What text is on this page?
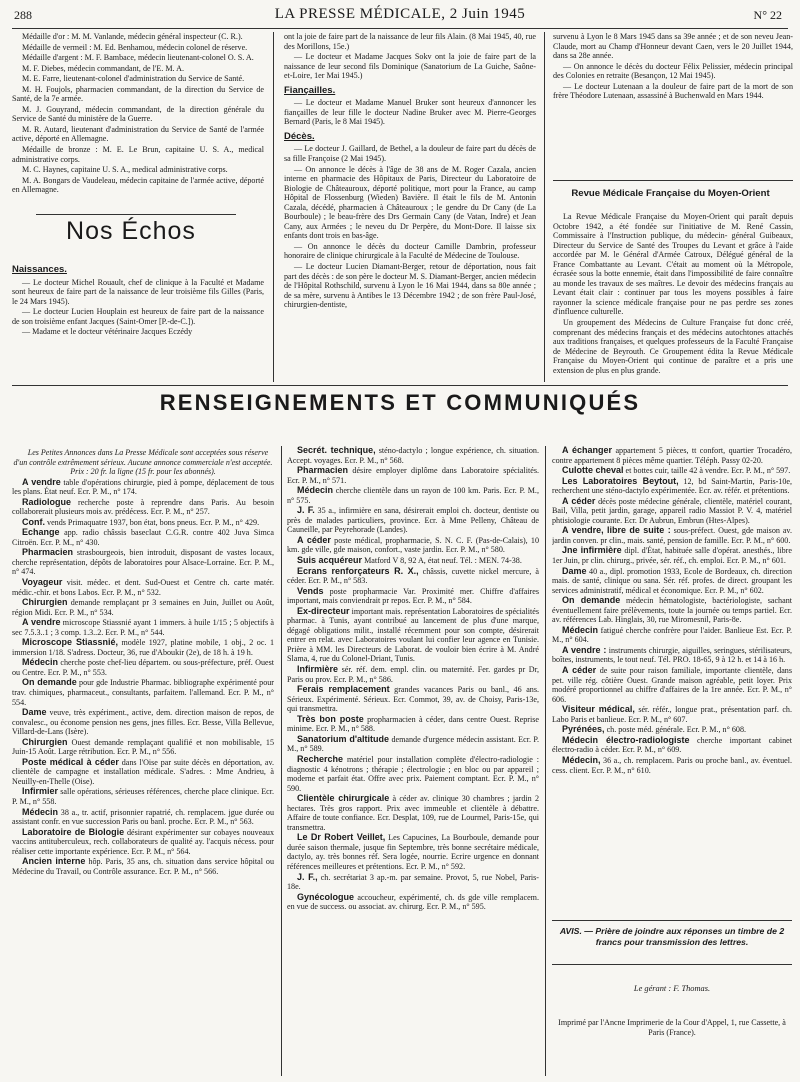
288	LA PRESSE MÉDICALE, 2 Juin 1945	N° 22

Médaille d'or : M. M. Vanlande, médecin général inspecteur (C. R.).

Médaille de vermeil : M. Ed. Benhamou, médecin colonel de réserve.

Médaille d'argent : M. F. Bambace, médecin lieutenant-colonel O. S. A.

M. F. Diebes, médecin commandant, de l'E. M. A.

M. E. Farre, lieutenant-colonel d'administration du Service de Santé.

M. H. Foujols, pharmacien commandant, de la direction du Service de Santé, de la 7e armée.

M. J. Gouyrand, médecin commandant, de la direction générale du Service de Santé du ministère de la Guerre.

M. R. Autard, lieutenant d'administration du Service de Santé de l'armée active, déporté en Allemagne.

Médaille de bronze : M. E. Le Brun, capitaine U. S. A., medical administrative corps.

M. C. Haynes, capitaine U. S. A., medical administrative corps.

M. A. Bongars de Vaudeleau, médecin capitaine de l'armée active, déporté en Allemagne.

Nos Échos
Naissances.

— Le docteur Michel Rouault, chef de clinique à la Faculté et Madame sont heureux de faire part de la naissance de leur troisième fils Gilles (Paris, le 24 Mars 1945).

— Le docteur Lucien Houplain est heureux de faire part de la naissance de son troisième enfant Jacques (Saint-Omer [P.-de-C.]).

— Madame et le docteur vétérinaire Jacques Eczédy

ont la joie de faire part de la naissance de leur fils Alain. (8 Mai 1945, 40, rue des Morillons, 15e.)

— Le docteur et Madame Jacques Sokv ont la joie de faire part de la naissance de leur second fils Dominique (Sanatorium de La Guiche, Saône-et-Loire, 1er Mai 1945.)

Fiançailles.

— Le docteur et Madame Manuel Bruker sont heureux d'annoncer les fiançailles de leur fille le docteur Nadine Bruker avec M. Pierre-Georges Bernard (Paris, le 8 Mai 1945).

Décès.

— Le docteur J. Gaillard, de Bethel, a la douleur de faire part du décès de sa fille Françoise (2 Mai 1945).

— On annonce le décès à l'âge de 38 ans de M. Roger Cazala, ancien interne en pharmacie des Hôpitaux de Paris, Directeur du Laboratoire de Biologie de Châteauroux, déporté politique, mort pour la France, au camp Hôpital de Flossenburg (Wieden) Bavière. Il était le fils de M. Antonin Cazala, décédé, pharmacien à Châteauroux ; le gendre du Dr Cany (de La Bourboule) ; le beau-frère des Drs Germain Cany (de Vatan, Indre) et Jean Cany, aux Armées ; le neveu du Dr Perpère, du Mont-Dore. Il laisse six enfants dont trois en bas-âge.

— On annonce le décès du docteur Camille Dambrin, professeur honoraire de clinique chirurgicale à la Faculté de Médecine de Toulouse.

— Le docteur Lucien Diamant-Berger, retour de déportation, nous fait part des décès : de son père le docteur M. S. Diamant-Berger, ancien médecin de l'Hôpital Rothschild, survenu à Lyon le 16 Mai 1944, dans sa 80e année ; de sa mère, survenu à Antibes le 13 Décembre 1942 ; de son frère Paul-José, chirurgien-dentiste,

survenu à Lyon le 8 Mars 1945 dans sa 39e année ; et de son neveu Jean-Claude, mort au Champ d'Honneur devant Caen, vers le 20 Juillet 1944, dans sa 28e année.

— On annonce le décès du docteur Félix Pelissier, médecin principal des Colonies en retraite (Besançon, 12 Mai 1945).

— Le docteur Lutenaan a la douleur de faire part de la mort de son frère Théodore Lutenaan, assassiné à Buchenwald en Mars 1944.

Revue Médicale Française du Moyen-Orient

La Revue Médicale Française du Moyen-Orient qui paraît depuis Octobre 1942, a été fondée sur l'initiative de M. René Cassin, Commissaire à l'Instruction publique, du médecin- général Guibeaux, Directeur du Service de Santé des Troupes du Levant et grâce à l'aide accordée par M. le Général d'Armée Catroux, Délégué général de la France Combattante au Levant. C'était au moment où la Métropole, écrasée sous la botte ennemie, était dans l'impossibilité de faire connaître au monde les travaux de ses maîtres. Le devoir des médecins français au Levant était clair : continuer par tous les moyens possibles à faire rayonner la science médicale française pour ne pas perdre ses zones d'influence culturelle.

Un groupement des Médecins de Culture Française fut donc créé, comprenant des médecins français et des médecins autochtones attachés aux traditions françaises, et quelques professeurs de la Faculté Française de Médecine de Beyrouth. Ce Groupement édita la Revue Médicale Française du Moyen-Orient qui continue de paraître et a pris une extension de plus en plus grande.

RENSEIGNEMENTS ET COMMUNIQUÉS

Les Petites Annonces dans La Presse Médicale sont acceptées sous réserve d'un contrôle extrêmement sérieux. Aucune annonce commerciale n'est acceptée. Prix : 20 fr. la ligne (15 fr. pour les abonnés).

A vendre table d'opérations chirurgie, pied à pompe, déplacement de tous les plans. État neuf. Ecr. P. M., n° 174.

Radiologue recherche poste à reprendre dans Paris. Au besoin collaborerait plusieurs mois av. prédécess. Ecr. P. M., n° 257.

Conf. vends Primaquatre 1937, bon état, bons pneus. Ecr. P. M., n° 429.

Echange app. radio châssis baseclaut C.G.R. contre 402 Juva Simca Citroën. Ecr. P. M., n° 430.

Pharmacien strasbourgeois, bien introduit, disposant de vastes locaux, cherche représentation, dépôts de laboratoires pour Alsace-Lorraine. Ecr. P. M., n° 474.

Voyageur visit. médec. et dent. Sud-Ouest et Centre ch. carte matér. médic.-chir. et bons Labos. Ecr. P. M., n° 532.

Chirurgien demande remplaçant pr 3 semaines en Juin, Juillet ou Août, région Midi. Ecr. P. M., n° 534.

A vendre microscope Stiassnié ayant 1 immers. à huile 1/15 ; 5 objectifs à sec 7.5.3..1 ; 3 comp. 1.3..2. Ecr. P. M., n° 544.

Microscope Stiassnié, modèle 1927, platine mobile, 1 obj., 2 oc. 1 immersion 1/18. S'adress. Docteur, 36, rue d'Aboukir (2e), de 18 h. à 19 h.

Médecin cherche poste chef-lieu départem. ou sous-préfecture, préf. Ouest ou Centre. Ecr. P. M., n° 553.

On demande pour gde Industrie Pharmac. bibliographe expérimenté pour trav. chimiques, pharmaceut., consultants, parfaitem. l'allemand. Ecr. P. M., n° 554.

Dame veuve, très expériment., active, dem. direction maison de repos, de convalesc., ou économe pension nes gens, jnes filles. Ecr. Besse, Villa Bellevue, Villard-de-Lans (Isère).

Chirurgien Ouest demande remplaçant qualifié et non mobilisable, 15 Juin-15 Août. Large rétribution. Ecr. P. M., n° 556.

Poste médical à céder dans l'Oise par suite décès en déportation, av. clientèle de campagne et installation médicale. S'adres. : Mme Andrieu, à Neuilly-en-Thelle (Oise).

Infirmier salle opérations, sérieuses références, cherche place clinique. Ecr. P. M., n° 558.

Médecin 38 a., tr. actif, prisonnier rapatrié, ch. remplacem. jgue durée ou assistant confr. en vue succession Paris ou banl. proche. Ecr. P. M., n° 563.

Laboratoire de Biologie désirant expérimenter sur cobayes nouveaux vaccins antituberculeux, rech. collaborateurs de qualité ay. l'acquis nécess. pour réaliser cette importante expérience. Ecr. P. M., n° 564.

Ancien interne hôp. Paris, 35 ans, ch. situation dans service hôpital ou Médecine du Travail, ou Contrôle assurance. Ecr. P. M., n° 566.

Secrét. technique, sténo-dactylo ; longue expérience, ch. situation. Accept. voyages. Ecr. P. M., n° 568.

Pharmacien désire employer diplôme dans Laboratoire spécialités. Ecr. P. M., n° 571.

Médecin cherche clientèle dans un rayon de 100 km. Paris. Ecr. P. M., n° 575.

J. F. 35 a., infirmière en sana, désirerait emploi ch. docteur, dentiste ou près de malades particuliers, province. Ecr. à Mme Pelleny, Château de Cauneille, par Peyrehorade (Landes).

A céder poste médical, propharmacie, S. N. C. F. (Pas-de-Calais), 10 km. gde ville, gde maison, confort., vaste jardin. Ecr. P. M., n° 580.

Suis acquéreur Matford V 8, 92 A, état neuf. Tél. : MEN. 74-38.

Ecrans renforçateurs R. X., châssis, cuvette nickel mercure, à céder. Ecr. P. M., n° 583.

Vends poste propharmacie Var. Proximité mer. Chiffre d'affaires important, mais conviendrait pr repos. Ecr. P. M., n° 584.

Ex-directeur important mais. représentation Laboratoires de spécialités pharmac. à Tunis, ayant contribué au lancement de plus d'une marque, dégagé obligations milit., installé récemment pour son compte, désirerait entrer en relat. avec Laboratoires voulant lui confier leur agence en Tunisie. Prière à MM. les Directeurs de Laborat. de vouloir bien écrire à M. André Slama, 4, rue du Colonel-Driant, Tunis.

Infirmière sér. réf. dem. empl. clin. ou maternité. Fer. gardes pr Dr, Paris ou prov. Ecr. P. M., n° 586.

Ferais remplacement grandes vacances Paris ou banl., 46 ans. Sérieux. Expérimenté. Sérieux. Ecr. Commot, 39, av. de Choisy, Paris-13e, qui transmettra.

Très bon poste propharmacien à céder, dans centre Ouest. Reprise minime. Ecr. P. M., n° 588.

Sanatorium d'altitude demande d'urgence médecin assistant. Ecr. P. M., n° 589.

Recherche matériel pour installation complète d'électro-radiologie : diagnostic 4 kénotrons ; thérapie ; électrologie ; en bloc ou par appareil ; moderne et parfait état. Offre avec prix. Paiement comptant. Ecr. P. M., n° 590.

Clientèle chirurgicale à céder av. clinique 30 chambres ; jardin 2 hectares. Très gros rapport. Prix avec immeuble et clientèle à débattre. Affaire de toute confiance. Ecr. Desplat, 109, rue de Lourmel, Paris-15e, qui transmettra.

Le Dr Robert Veillet, Les Capucines, La Bourboule, demande pour durée saison thermale, jusque fin Septembre, très bonne secrétaire médicale, dactylo, ay. très bonnes réf. Sera logée, nourrie. Ecrire urgence en donnant références meilleures et prétentions. Ecr. P. M., n° 592.

J. F., ch. secrétariat 3 ap.-m. par semaine. Provot, 5, rue Nobel, Paris-18e.

Gynécologue accoucheur, expérimenté, ch. ds gde ville remplacem. en vue de success. ou associat. av. chirurg. Ecr. P. M., n° 595.

A échanger appartement 5 pièces, tt confort, quartier Trocadéro, contre appartement 8 pièces même quartier. Téléph. Passy 02-20.

Culotte cheval et bottes cuir, taille 42 à vendre. Ecr. P. M., n° 597.

Les Laboratoires Beytout, 12, bd Saint-Martin, Paris-10e, recherchent une sténo-dactylo expérimentée. Ecr. av. référ. et prétentions.

A céder décès poste médecine générale, clientèle, matériel courant, Bail, Villa, petit jardin, garage, appareil radio Massiot P. V. 4, matériel phtisiologie courante. Ecr. Dr Aubrun, Embrun (Htes-Alpes).

A vendre, libre de suite : sous-préfect. Ouest, gde maison av. jardin conven. pr clin., mais. santé, pension de famille. Ecr. P. M., n° 600.

Jne infirmière dipl. d'État, habituée salle d'opérat. anesthés., libre 1er Juin, pr clin. chirurg., privée, sér. réf., ch. emploi. Ecr. P. M., n° 601.

Dame 40 a., dipl. promotion 1933, Ecole de Bordeaux, ch. direction mais. de santé, clinique ou sana. Sér. réf. profes. de direct. groupant les services administratif, médical et économique. Ecr. P. M., n° 602.

On demande médecin hématologiste, bactériologiste, sachant éventuellement faire prélèvements, toute la journée ou temps partiel. Ecr. av. références Lab. Hinglais, 30, rue Miromesnil, Paris-8e.

Médecin fatigué cherche confrère pour l'aider. Banlieue Est. Ecr. P. M., n° 604.

A vendre : instruments chirurgie, aiguilles, seringues, stérilisateurs, boîtes, instruments, le tout neuf. Tél. PRO. 18-65, 9 à 12 h. et 14 à 16 h.

A céder de suite pour raison familiale, importante clientèle, dans pet. ville rég. côtière Ouest. Grande maison agréable, petit loyer. Prix modéré proportionnel au chiffre d'affaires de la 1re année. Ecr. P. M., n° 606.

Visiteur médical, sér. référ., longue prat., présentation parf. ch. Labo Paris et banlieue. Ecr. P. M., n° 607.

Pyrénées, ch. poste méd. générale. Ecr. P. M., n° 608.

Médecin électro-radiologiste cherche important cabinet électro-radio à céder. Ecr. P. M., n° 609.

Médecin, 36 a., ch. remplacem. Paris ou proche banl., av. éventuel. cess. client. Ecr. P. M., n° 610.

AVIS. — Prière de joindre aux réponses un timbre de 2 francs pour transmission des lettres.
Le gérant : F. Thomas.
Imprimé par l'Ancne Imprimerie de la Cour d'Appel, 1, rue Cassette, à Paris (France).
